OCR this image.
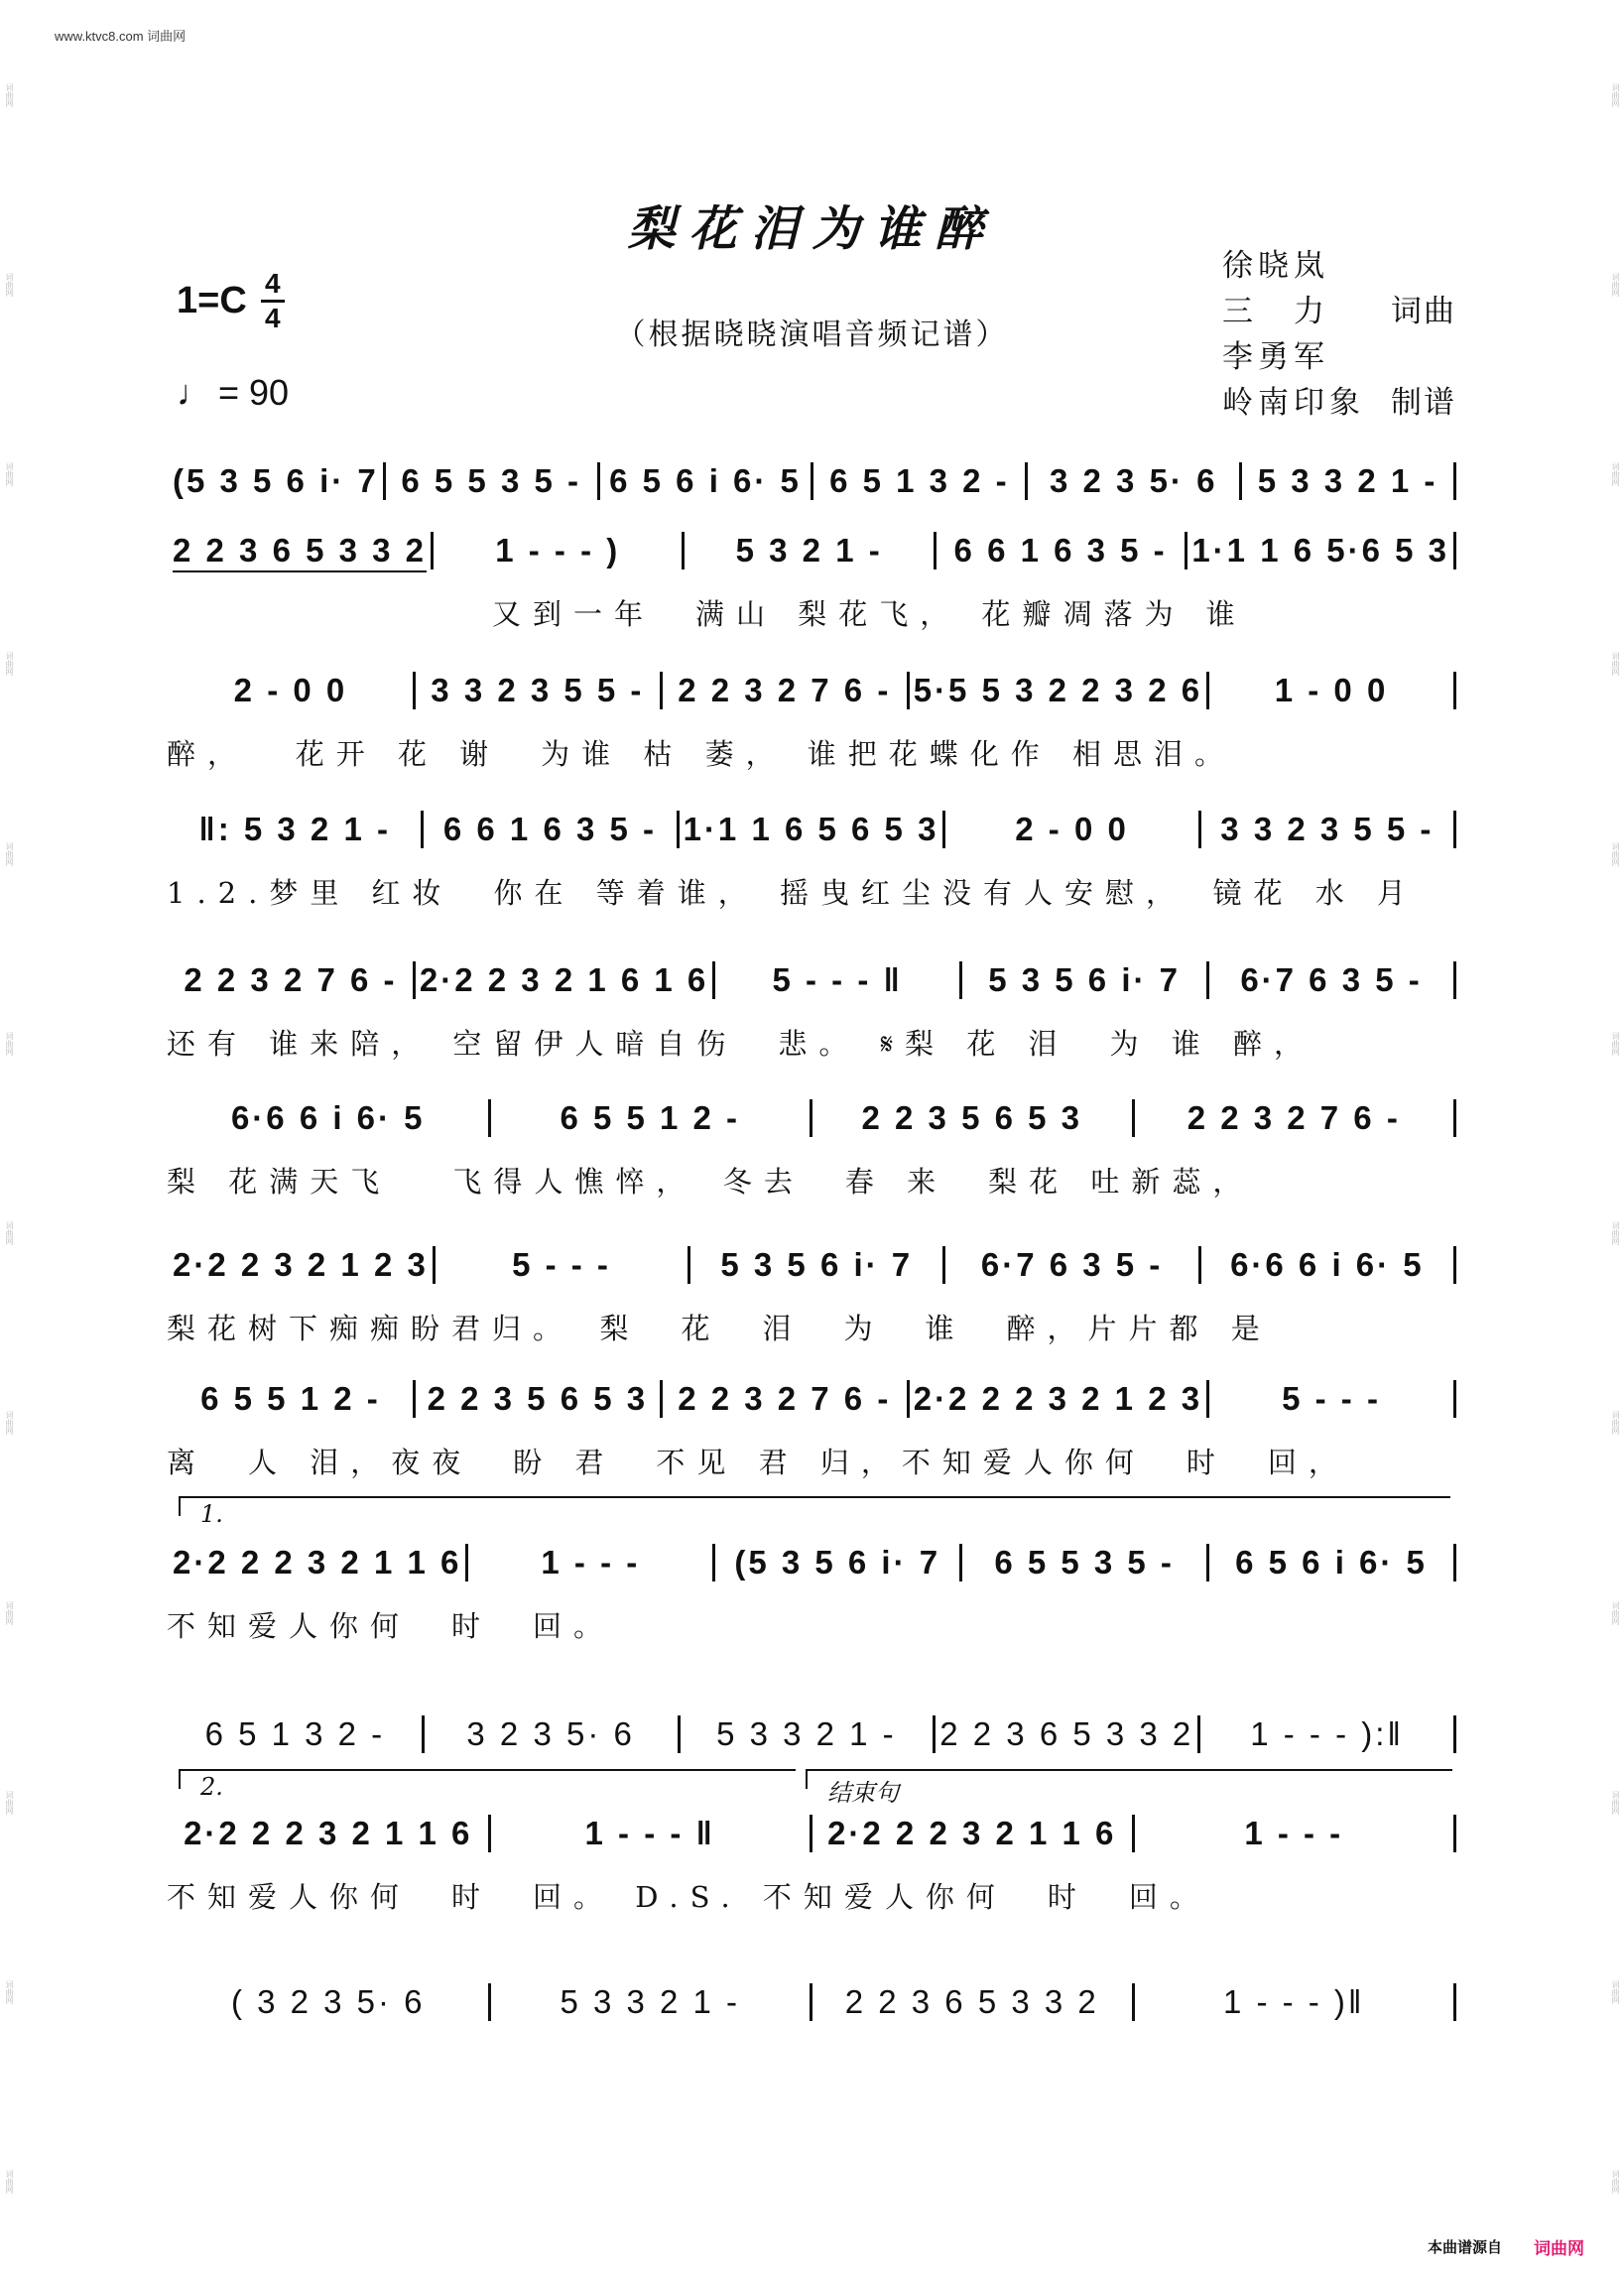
词曲网
词曲网
词曲网
词曲网
词曲网
词曲网
词曲网
词曲网
词曲网
词曲网
词曲网
词曲网
词曲网
词曲网
词曲网
词曲网
词曲网
词曲网
词曲网
词曲网
词曲网
词曲网
词曲网
词曲网
www.ktvc8.com 词曲网
梨花泪为谁醉
（根据晓晓演唱音频记谱）
1=C 4
4
♩ = 90
徐晓岚
三　力 词曲
李勇军
岭南印象 制谱
(5 3 5 6 i· 7 6 5 5 3 5 - 6 5 6 i 6· 5 6 5 1 3 2 -	3 2 3 5· 6	5 3 3 2 1 -
2 2 3 6 5 3 3 2	1 - - - )	5 3 2 1 -	6 6 1 6 3 5 - 1·1 1 6 5·6 5 3
　　　　　　　　又到一年　满山 梨花飞， 花瓣凋落为 谁
2 - 0 0	3 3 2 3 5 5 -	2 2 3 2 7 6 - 5·5 5 3 2 2 3 2 6	1 - 0 0
醉，　 花开 花 谢　为谁 枯 萎， 谁把花蝶化作 相思泪。
‖: 5 3 2 1 -	6 6 1 6 3 5 - 1·1 1 6 5 6 5 3	2 - 0 0	3 3 2 3 5 5 -
1.2.梦里 红妆　你在 等着谁， 摇曳红尘没有人安慰，　镜花 水 月
2 2 3 2 7 6 - 2·2 2 3 2 1 6 1 6	5 - - - ‖	5 3 5 6 i· 7	6·7 6 3 5 -
还有 谁来陪， 空留伊人暗自伤　悲。 𝄋梨 花 泪　为 谁 醉，
6·6 6 i 6· 5	6 5 5 1 2 -	2 2 3 5 6 5 3	2 2 3 2 7 6 -
梨 花满天飞　 飞得人憔悴，　冬去　春 来　梨花 吐新蕊，
2·2 2 3 2 1 2 3	5 - - -	5 3 5 6 i· 7	6·7 6 3 5 -	6·6 6 i 6· 5
梨花树下痴痴盼君归。　梨　花　泪　为　谁　醉，片片都 是
6 5 5 1 2 -	2 2 3 5 6 5 3 2 2 3 2 7 6 - 2·2 2 2 3 2 1 2 3	5 - - -
离　人 泪，夜夜　盼 君　不见 君 归，不知爱人你何　时　回，
1.
2·2 2 2 3 2 1 1 6	1 - - -	(5 3 5 6 i· 7	6 5 5 3 5 -	6 5 6 i 6· 5
不知爱人你何　时　回。
6 5 1 3 2 -	3 2 3 5· 6	5 3 3 2 1 -	2 2 3 6 5 3 3 2	1 - - - ):‖
2.	结束句
2·2 2 2 3 2 1 1 6	1 - - - ‖	2·2 2 2 3 2 1 1 6	1 - - -
不知爱人你何　时　回。 D.S. 不知爱人你何　时　回。
( 3 2 3 5· 6	5 3 3 2 1 -	2 2 3 6 5 3 3 2	1 - - - )‖
本曲谱源自 词曲网
